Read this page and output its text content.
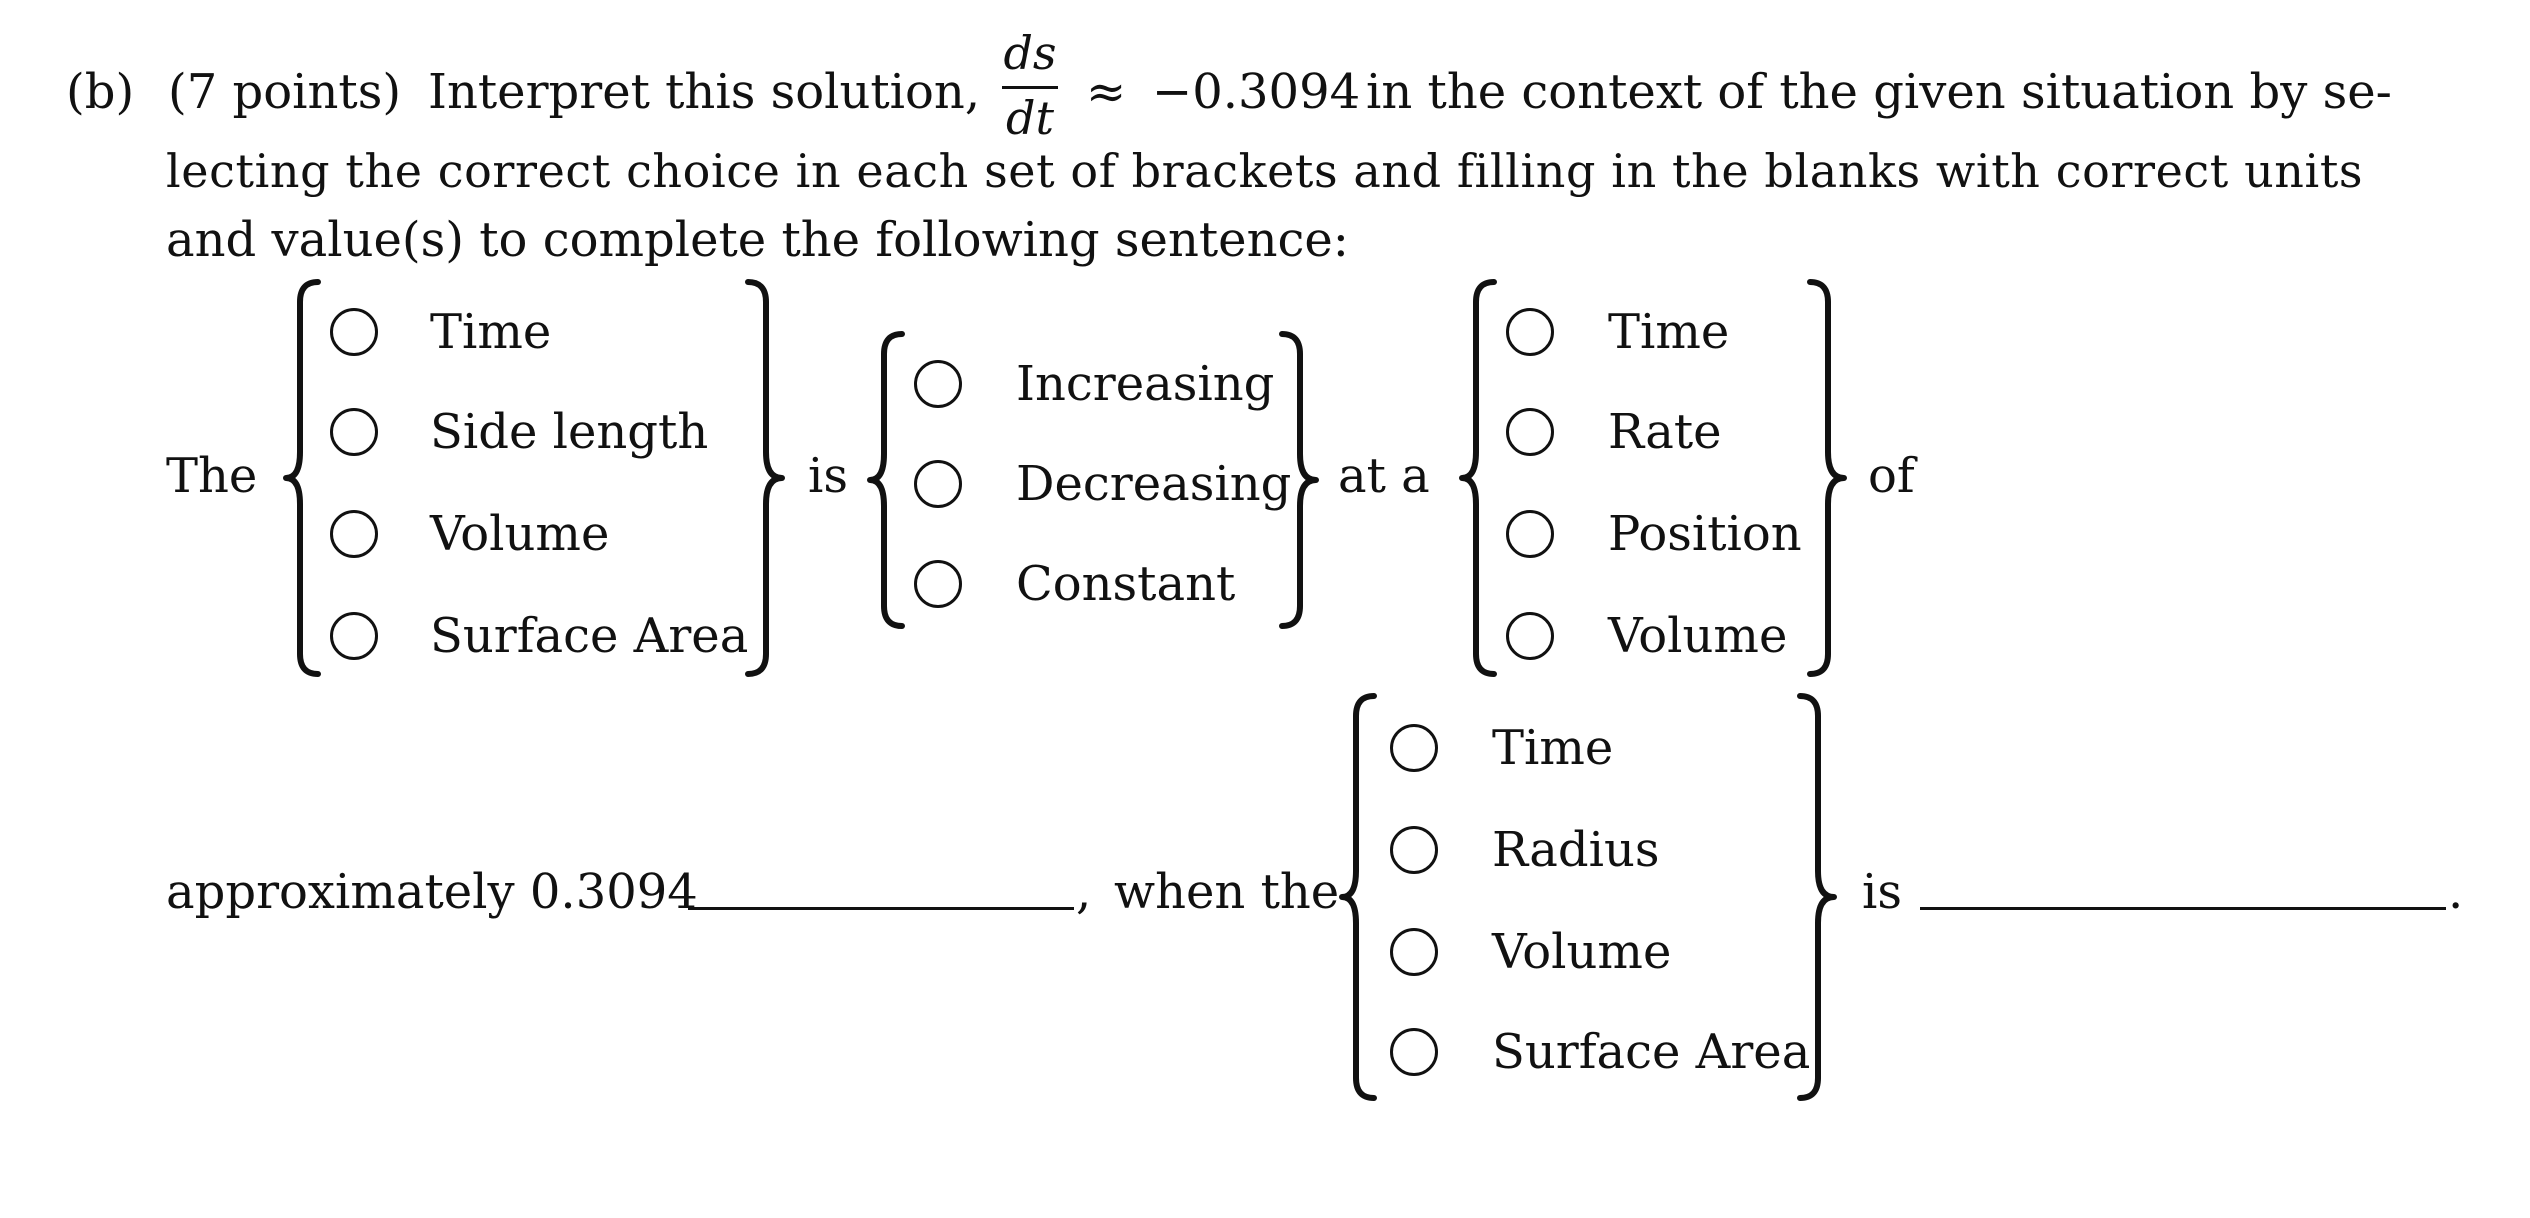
(b) (7 points) Interpret this solution,
ds
dt ≈ −0.3094 in the context of the given situation by se-
lecting the correct choice in each set of brackets and filling in the blanks with correct units
and value(s) to complete the following sentence:
The	is	at a	of
Time
Side length
Volume
Surface Area
Increasing
Decreasing
Constant
Time
Rate
Position
Volume
approximately 0.3094	, when the
Time
Radius
Volume
Surface Area
is	.
